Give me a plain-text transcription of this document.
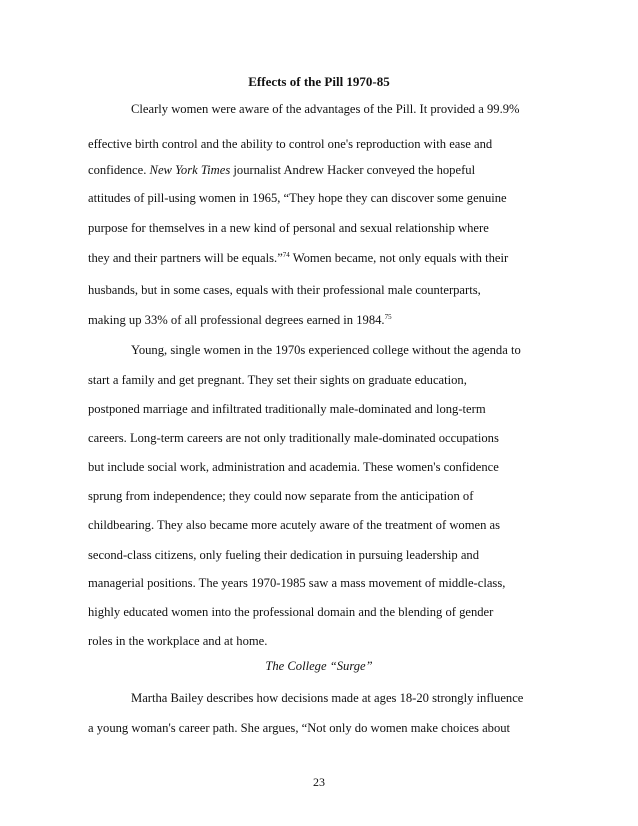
Effects of the Pill 1970-85
Clearly women were aware of the advantages of the Pill. It provided a 99.9%
effective birth control and the ability to control one's reproduction with ease and
confidence. New York Times journalist Andrew Hacker conveyed the hopeful
attitudes of pill-using women in 1965, “They hope they can discover some genuine
purpose for themselves in a new kind of personal and sexual relationship where
they and their partners will be equals.”$^{74}$ Women became, not only equals with their
husbands, but in some cases, equals with their professional male counterparts,
making up 33% of all professional degrees earned in 1984.75
Young, single women in the 1970s experienced college without the agenda to
start a family and get pregnant. They set their sights on graduate education,
postponed marriage and infiltrated traditionally male-dominated and long-term
careers. Long-term careers are not only traditionally male-dominated occupations
but include social work, administration and academia. These women's confidence
sprung from independence; they could now separate from the anticipation of
childbearing. They also became more acutely aware of the treatment of women as
second-class citizens, only fueling their dedication in pursuing leadership and
managerial positions. The years 1970-1985 saw a mass movement of middle-class,
highly educated women into the professional domain and the blending of gender
roles in the workplace and at home.
The College “Surge”
Martha Bailey describes how decisions made at ages 18-20 strongly influence
a young woman's career path. She argues, “Not only do women make choices about
23
